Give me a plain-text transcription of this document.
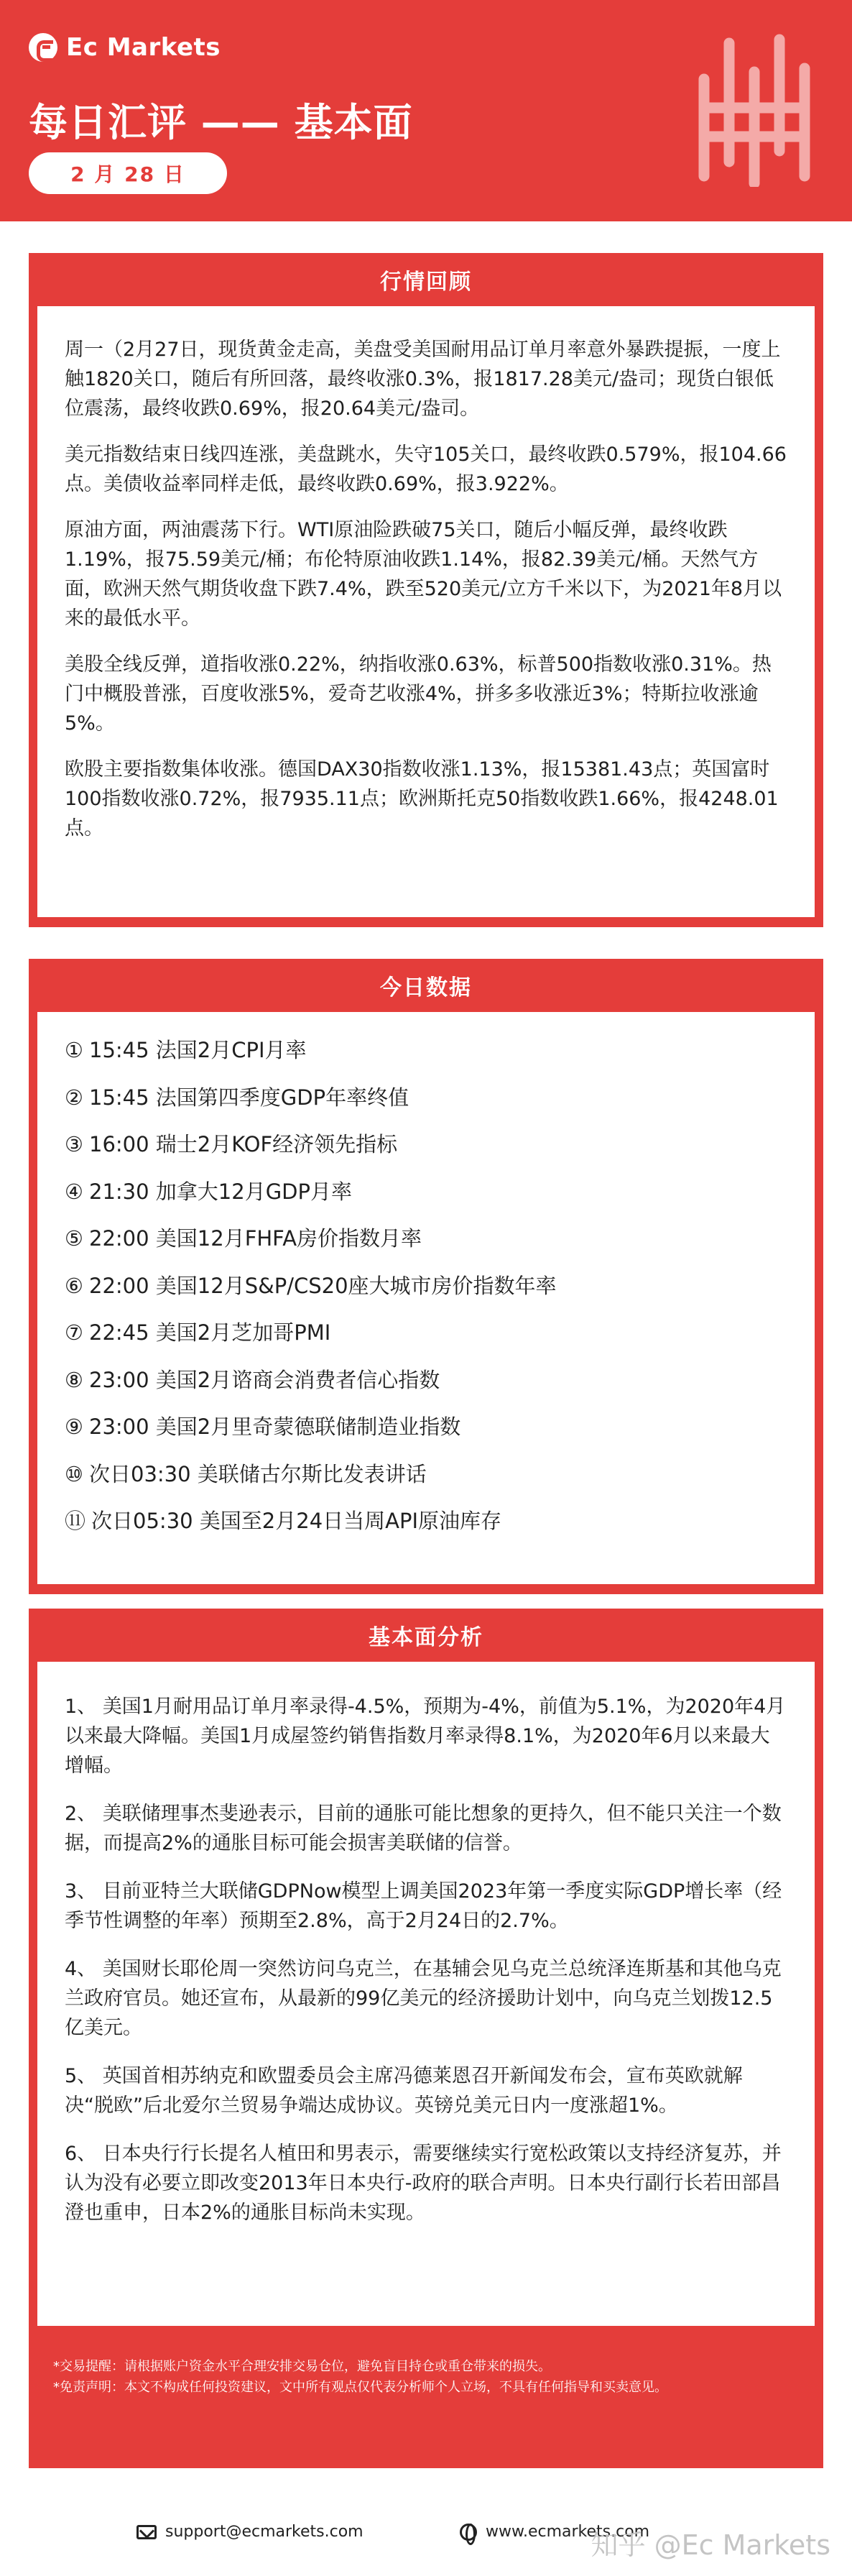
Ec Markets
每日汇评 —— 基本面
2 月 28 日
行情回顾

周一（2月27日，现货黄金走高，美盘受美国耐用品订单月率意外暴跌提振，一度上触1820关口，随后有所回落，最终收涨0.3%，报1817.28美元/盎司；现货白银低位震荡，最终收跌0.69%，报20.64美元/盎司。

美元指数结束日线四连涨，美盘跳水，失守105关口，最终收跌0.579%，报104.66点。美债收益率同样走低，最终收跌0.69%，报3.922%。

原油方面，两油震荡下行。WTI原油险跌破75关口，随后小幅反弹，最终收跌1.19%，报75.59美元/桶；布伦特原油收跌1.14%，报82.39美元/桶。天然气方面，欧洲天然气期货收盘下跌7.4%，跌至520美元/立方千米以下，为2021年8月以来的最低水平。

美股全线反弹，道指收涨0.22%，纳指收涨0.63%，标普500指数收涨0.31%。热门中概股普涨，百度收涨5%，爱奇艺收涨4%，拼多多收涨近3%；特斯拉收涨逾5%。

欧股主要指数集体收涨。德国DAX30指数收涨1.13%，报15381.43点；英国富时100指数收涨0.72%，报7935.11点；欧洲斯托克50指数收跌1.66%，报4248.01点。

今日数据
① 15:45 法国2月CPI月率
② 15:45 法国第四季度GDP年率终值
③ 16:00 瑞士2月KOF经济领先指标
④ 21:30 加拿大12月GDP月率
⑤ 22:00 美国12月FHFA房价指数月率
⑥ 22:00 美国12月S&P/CS20座大城市房价指数年率
⑦ 22:45 美国2月芝加哥PMI
⑧ 23:00 美国2月谘商会消费者信心指数
⑨ 23:00 美国2月里奇蒙德联储制造业指数
⑩ 次日03:30 美联储古尔斯比发表讲话
⑪ 次日05:30 美国至2月24日当周API原油库存
基本面分析

1、 美国1月耐用品订单月率录得-4.5%，预期为-4%，前值为5.1%，为2020年4月以来最大降幅。美国1月成屋签约销售指数月率录得8.1%，为2020年6月以来最大增幅。

2、 美联储理事杰斐逊表示，目前的通胀可能比想象的更持久，但不能只关注一个数据，而提高2%的通胀目标可能会损害美联储的信誉。

3、 目前亚特兰大联储GDPNow模型上调美国2023年第一季度实际GDP增长率（经季节性调整的年率）预期至2.8%，高于2月24日的2.7%。

4、 美国财长耶伦周一突然访问乌克兰，在基辅会见乌克兰总统泽连斯基和其他乌克兰政府官员。她还宣布，从最新的99亿美元的经济援助计划中，向乌克兰划拨12.5亿美元。

5、 英国首相苏纳克和欧盟委员会主席冯德莱恩召开新闻发布会，宣布英欧就解决“脱欧”后北爱尔兰贸易争端达成协议。英镑兑美元日内一度涨超1%。

6、 日本央行行长提名人植田和男表示，需要继续实行宽松政策以支持经济复苏，并认为没有必要立即改变2013年日本央行-政府的联合声明。日本央行副行长若田部昌澄也重申，日本2%的通胀目标尚未实现。

*交易提醒：请根据账户资金水平合理安排交易仓位，避免盲目持仓或重仓带来的损失。

*免责声明：本文不构成任何投资建议，文中所有观点仅代表分析师个人立场，不具有任何指导和买卖意见。

support@ecmarkets.com	www.ecmarkets.com
知乎 @Ec Markets
